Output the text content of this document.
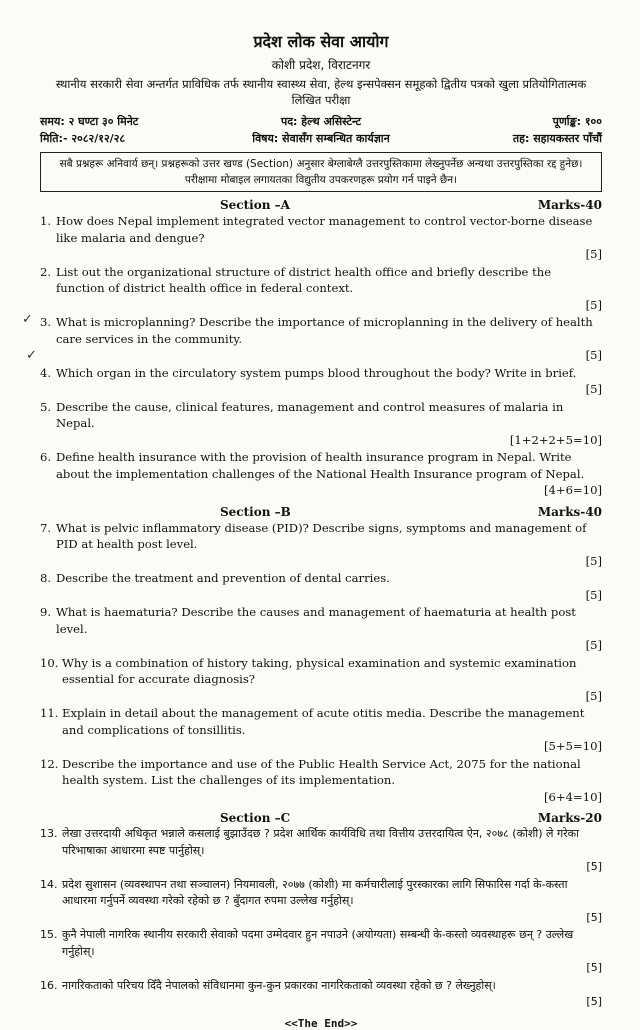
प्रदेश लोक सेवा आयोग
कोशी प्रदेश, विराटनगर
स्थानीय सरकारी सेवा अन्तर्गत प्राविधिक तर्फ स्थानीय स्वास्थ्य सेवा, हेल्थ इन्सपेक्सन समूहको द्वितीय पत्रको खुला प्रतियोगितात्मक लिखित परीक्षा
समय: २ घण्टा ३० मिनेट	पद: हेल्थ असिस्टेन्ट	पूर्णाङ्क: १००
मिति:- २०८२/१२/२८	विषय: सेवासँग सम्बन्धित कार्यज्ञान	तह: सहायकस्तर पाँचौं
सबै प्रश्नहरू अनिवार्य छन्। प्रश्नहरूको उत्तर खण्ड (Section) अनुसार बेग्लाबेग्लै उत्तरपुस्तिकामा लेख्नुपर्नेछ अन्यथा उत्तरपुस्तिका रद्द हुनेछ। परीक्षामा मोबाइल लगायतका विद्युतीय उपकरणहरू प्रयोग गर्न पाइने छैन।
Section –A	Marks-40
1. How does Nepal implement integrated vector management to control vector-borne disease like malaria and dengue?
[5]
2. List out the organizational structure of district health office and briefly describe the function of district health office in federal context.
[5]
3. What is microplanning? Describe the importance of microplanning in the delivery of health care services in the community.
[5]
4. Which organ in the circulatory system pumps blood throughout the body? Write in brief.
[5]
5. Describe the cause, clinical features, management and control measures of malaria in Nepal.
[1+2+2+5=10]
6. Define health insurance with the provision of health insurance program in Nepal. Write about the implementation challenges of the National Health Insurance program of Nepal.
[4+6=10]
Section –B	Marks-40
7. What is pelvic inflammatory disease (PID)? Describe signs, symptoms and management of PID at health post level.
[5]
8. Describe the treatment and prevention of dental carries.
[5]
9. What is haematuria? Describe the causes and management of haematuria at health post level.
[5]
10. Why is a combination of history taking, physical examination and systemic examination essential for accurate diagnosis?
[5]
11. Explain in detail about the management of acute otitis media. Describe the management and complications of tonsillitis.
[5+5=10]
12. Describe the importance and use of the Public Health Service Act, 2075 for the national health system. List the challenges of its implementation.
[6+4=10]
Section –C	Marks-20
13. लेखा उत्तरदायी अधिकृत भन्नाले कसलाई बुझाउँदछ ? प्रदेश आर्थिक कार्यविधि तथा वित्तीय उत्तरदायित्व ऐन, २०७८ (कोशी) ले गरेका परिभाषाका आधारमा स्पष्ट पार्नुहोस्।
[5]
14. प्रदेश सुशासन (व्यवस्थापन तथा सञ्चालन) नियमावली, २०७७ (कोशी) मा कर्मचारीलाई पुरस्कारका लागि सिफारिस गर्दा के-कस्ता आधारमा गर्नुपर्ने व्यवस्था गरेको रहेको छ ? बुँदागत रुपमा उल्लेख गर्नुहोस्।
[5]
15. कुनै नेपाली नागरिक स्थानीय सरकारी सेवाको पदमा उम्मेदवार हुन नपाउने (अयोग्यता) सम्बन्धी के-कस्तो व्यवस्थाहरू छन् ? उल्लेख गर्नुहोस्।
[5]
16. नागरिकताको परिचय दिँदै नेपालको संविधानमा कुन-कुन प्रकारका नागरिकताको व्यवस्था रहेको छ ? लेख्नुहोस्।
[5]
<<The End>>
✓
✓
